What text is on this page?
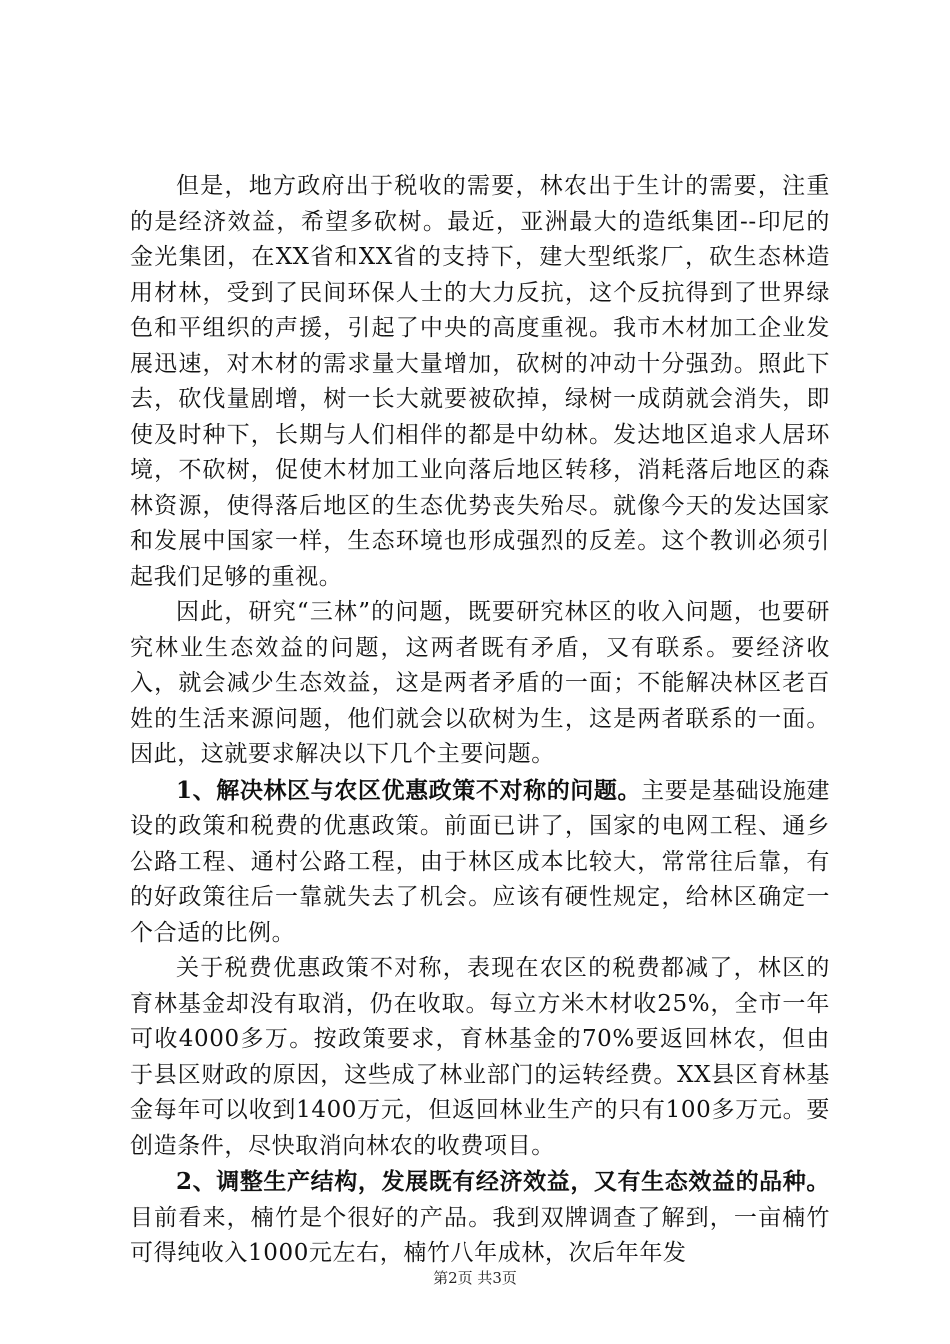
但是，地方政府出于税收的需要，林农出于生计的需要，注重的是经济效益，希望多砍树。最近，亚洲最大的造纸集团--印尼的金光集团，在XX省和XX省的支持下，建大型纸浆厂，砍生态林造用材林，受到了民间环保人士的大力反抗，这个反抗得到了世界绿色和平组织的声援，引起了中央的高度重视。我市木材加工企业发展迅速，对木材的需求量大量增加，砍树的冲动十分强劲。照此下去，砍伐量剧增，树一长大就要被砍掉，绿树一成荫就会消失，即使及时种下，长期与人们相伴的都是中幼林。发达地区追求人居环境，不砍树，促使木材加工业向落后地区转移，消耗落后地区的森林资源，使得落后地区的生态优势丧失殆尽。就像今天的发达国家和发展中国家一样，生态环境也形成强烈的反差。这个教训必须引起我们足够的重视。

因此，研究“三林”的问题，既要研究林区的收入问题，也要研究林业生态效益的问题，这两者既有矛盾，又有联系。要经济收入，就会减少生态效益，这是两者矛盾的一面；不能解决林区老百姓的生活来源问题，他们就会以砍树为生，这是两者联系的一面。因此，这就要求解决以下几个主要问题。

1、解决林区与农区优惠政策不对称的问题。主要是基础设施建设的政策和税费的优惠政策。前面已讲了，国家的电网工程、通乡公路工程、通村公路工程，由于林区成本比较大，常常往后靠，有的好政策往后一靠就失去了机会。应该有硬性规定，给林区确定一个合适的比例。

关于税费优惠政策不对称，表现在农区的税费都减了，林区的育林基金却没有取消，仍在收取。每立方米木材收25%，全市一年可收4000多万。按政策要求，育林基金的70%要返回林农，但由于县区财政的原因，这些成了林业部门的运转经费。XX县区育林基金每年可以收到1400万元，但返回林业生产的只有100多万元。要创造条件，尽快取消向林农的收费项目。

2、调整生产结构，发展既有经济效益，又有生态效益的品种。目前看来，楠竹是个很好的产品。我到双牌调查了解到，一亩楠竹可得纯收入1000元左右，楠竹八年成林，次后年年发

第2页 共3页
